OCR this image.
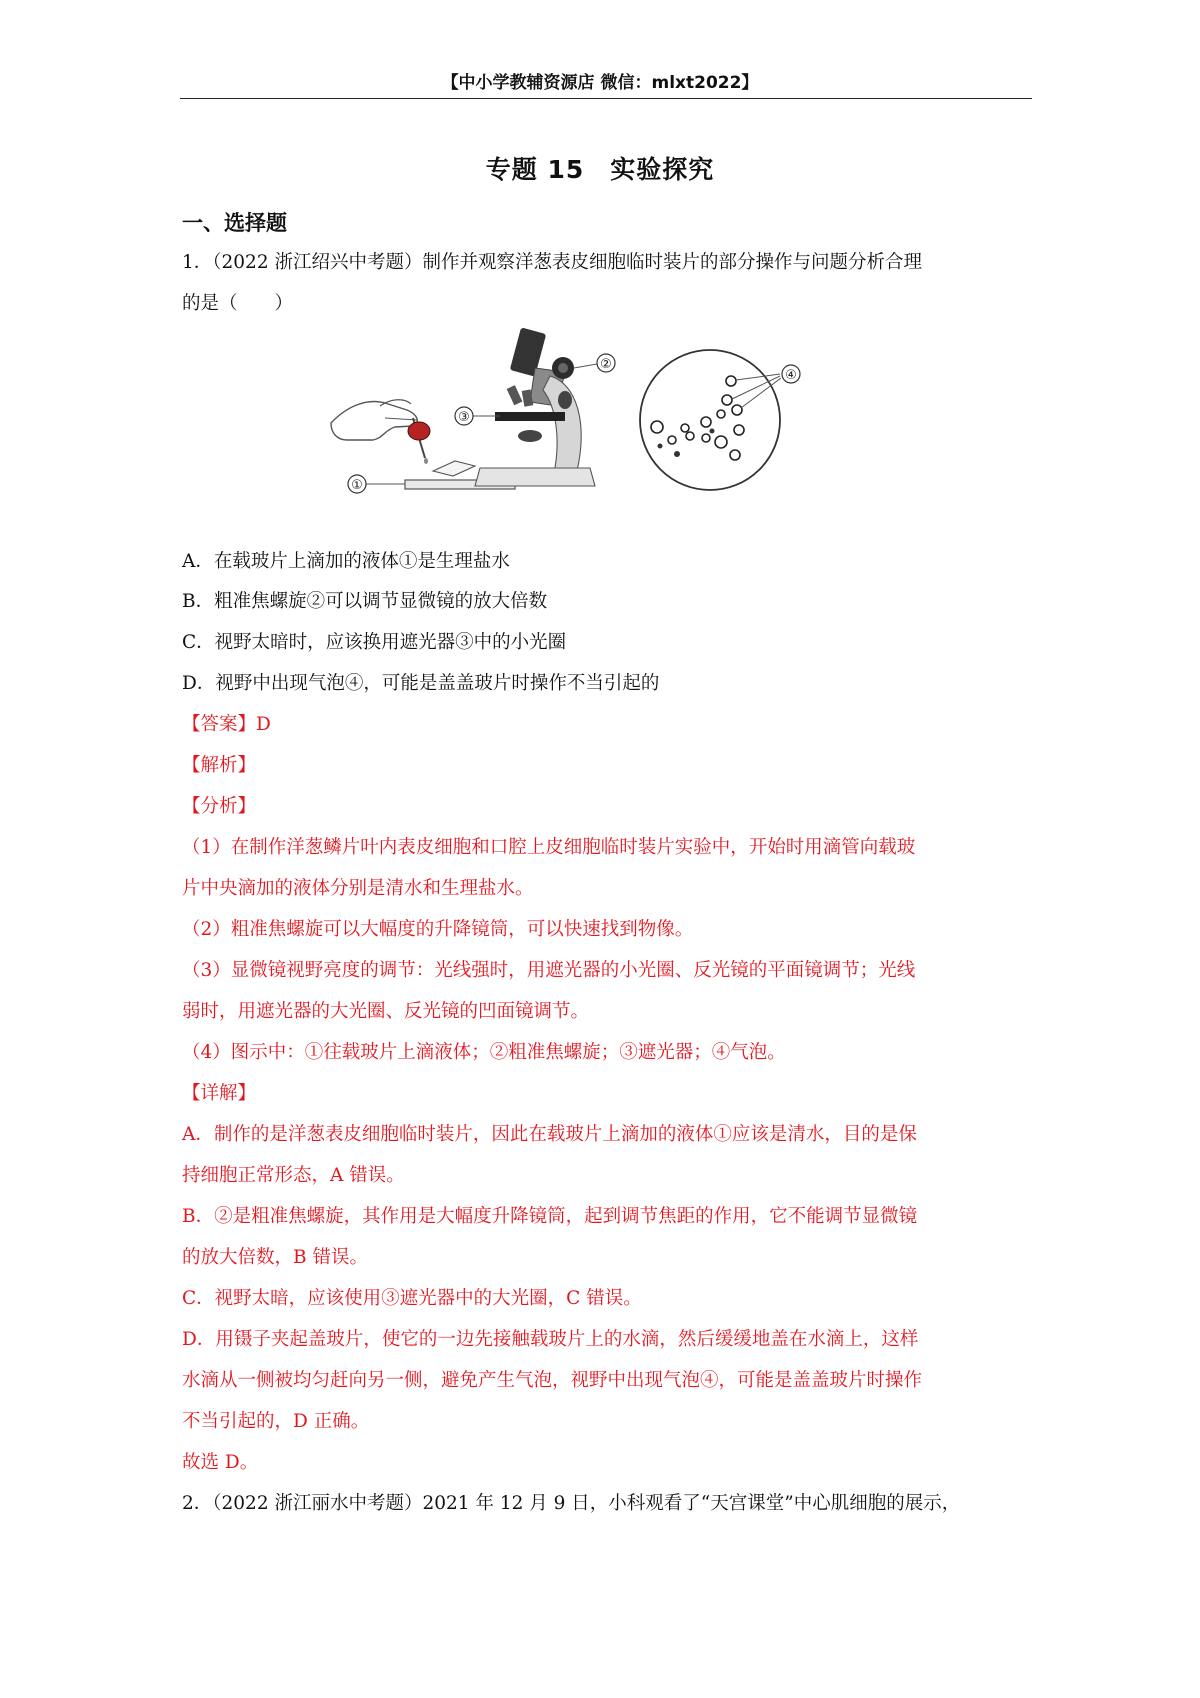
【中小学教辅资源店 微信：mlxt2022】
专题 15　实验探究
一、选择题
1．（2022 浙江绍兴中考题）制作并观察洋葱表皮细胞临时装片的部分操作与问题分析合理
的是（　　）
①
③
②
④
A．在载玻片上滴加的液体①是生理盐水
B．粗准焦螺旋②可以调节显微镜的放大倍数
C．视野太暗时，应该换用遮光器③中的小光圈
D．视野中出现气泡④，可能是盖盖玻片时操作不当引起的
【答案】D
【解析】
【分析】
（1）在制作洋葱鳞片叶内表皮细胞和口腔上皮细胞临时装片实验中，开始时用滴管向载玻
片中央滴加的液体分别是清水和生理盐水。
（2）粗准焦螺旋可以大幅度的升降镜筒，可以快速找到物像。
（3）显微镜视野亮度的调节：光线强时，用遮光器的小光圈、反光镜的平面镜调节；光线
弱时，用遮光器的大光圈、反光镜的凹面镜调节。
（4）图示中：①往载玻片上滴液体；②粗准焦螺旋；③遮光器；④气泡。
【详解】
A．制作的是洋葱表皮细胞临时装片，因此在载玻片上滴加的液体①应该是清水，目的是保
持细胞正常形态，A 错误。
B．②是粗准焦螺旋，其作用是大幅度升降镜筒，起到调节焦距的作用，它不能调节显微镜
的放大倍数，B 错误。
C．视野太暗，应该使用③遮光器中的大光圈，C 错误。
D．用镊子夹起盖玻片，使它的一边先接触载玻片上的水滴，然后缓缓地盖在水滴上，这样
水滴从一侧被均匀赶向另一侧，避免产生气泡，视野中出现气泡④，可能是盖盖玻片时操作
不当引起的，D 正确。
故选 D。
2．（2022 浙江丽水中考题）2021 年 12 月 9 日，小科观看了“天宫课堂”中心肌细胞的展示，
